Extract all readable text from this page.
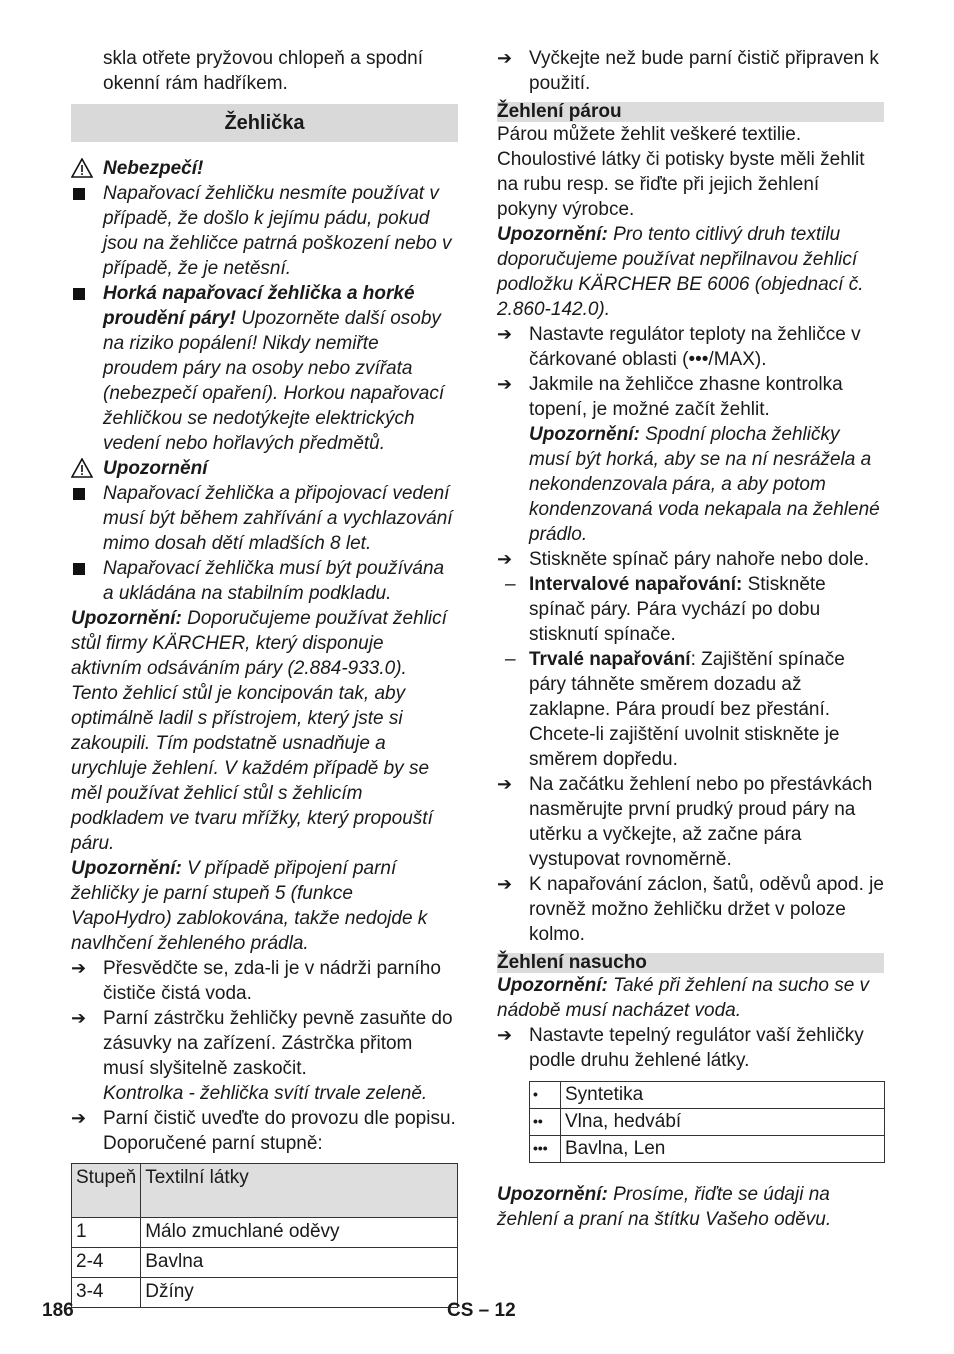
skla otřete pryžovou chlopeň a spodní okenní rám hadříkem.

Žehlička

Nebezpečí!

Napařovací žehličku nesmíte používat v případě, že došlo k jejímu pádu, pokud jsou na žehličce patrná poškození nebo v případě, že je netěsní.

Horká napařovací žehlička a horké proudění páry! Upozorněte další osoby na riziko popálení! Nikdy nemiřte proudem páry na osoby nebo zvířata (nebezpečí opaření). Horkou napařovací žehličkou se nedotýkejte elektrických vedení nebo hořlavých předmětů.

Upozornění

Napařovací žehlička a připojovací vedení musí být během zahřívání a vychlazování mimo dosah dětí mladších 8 let.

Napařovací žehlička musí být používána a ukládána na stabilním podkladu.

Upozornění: Doporučujeme používat žehlicí stůl firmy KÄRCHER, který disponuje aktivním odsáváním páry (2.884-933.0). Tento žehlicí stůl je koncipován tak, aby optimálně ladil s přístrojem, který jste si zakoupili. Tím podstatně usnadňuje a urychluje žehlení. V každém případě by se měl používat žehlicí stůl s žehlicím podkladem ve tvaru mřížky, který propouští páru.

Upozornění: V případě připojení parní žehličky je parní stupeň 5 (funkce VapoHydro) zablokována, takže nedojde k navlhčení žehleného prádla.

➔ Přesvědčte se, zda-li je v nádrži parního čističe čistá voda.

➔ Parní zástrčku žehličky pevně zasuňte do zásuvky na zařízení. Zástrčka přitom musí slyšitelně zaskočit.

Kontrolka - žehlička svítí trvale zeleně.

➔ Parní čistič uveďte do provozu dle popisu. Doporučené parní stupně:

Stupeň	Textilní látky
1	Málo zmuchlané oděvy
2-4	Bavlna
3-4	Džíny

➔ Vyčkejte než bude parní čistič připraven k použití.

Žehlení párou

Párou můžete žehlit veškeré textilie. Choulostivé látky či potisky byste měli žehlit na rubu resp. se řiďte při jejich žehlení pokyny výrobce.

Upozornění: Pro tento citlivý druh textilu doporučujeme používat nepřilnavou žehlicí podložku KÄRCHER BE 6006 (objednací č. 2.860-142.0).

➔ Nastavte regulátor teploty na žehličce v čárkované oblasti (•••/MAX).

➔ Jakmile na žehličce zhasne kontrolka topení, je možné začít žehlit.

Upozornění: Spodní plocha žehličky musí být horká, aby se na ní nesrážela a nekondenzovala pára, a aby potom kondenzovaná voda nekapala na žehlené prádlo.

➔ Stiskněte spínač páry nahoře nebo dole.

– Intervalové napařování: Stiskněte spínač páry. Pára vychází po dobu stisknutí spínače.

– Trvalé napařování: Zajištění spínače páry táhněte směrem dozadu až zaklapne. Pára proudí bez přestání. Chcete-li zajištění uvolnit stiskněte je směrem dopředu.

➔ Na začátku žehlení nebo po přestávkách nasměrujte první prudký proud páry na utěrku a vyčkejte, až začne pára vystupovat rovnoměrně.

➔ K napařování záclon, šatů, oděvů apod. je rovněž možno žehličku držet v poloze kolmo.

Žehlení nasucho

Upozornění: Také při žehlení na sucho se v nádobě musí nacházet voda.

➔ Nastavte tepelný regulátor vaší žehličky podle druhu žehlené látky.

•	Syntetika
••	Vlna, hedvábí
•••	Bavlna, Len

Upozornění: Prosíme, řiďte se údaji na žehlení a praní na štítku Vašeho oděvu.

186	CS – 12
